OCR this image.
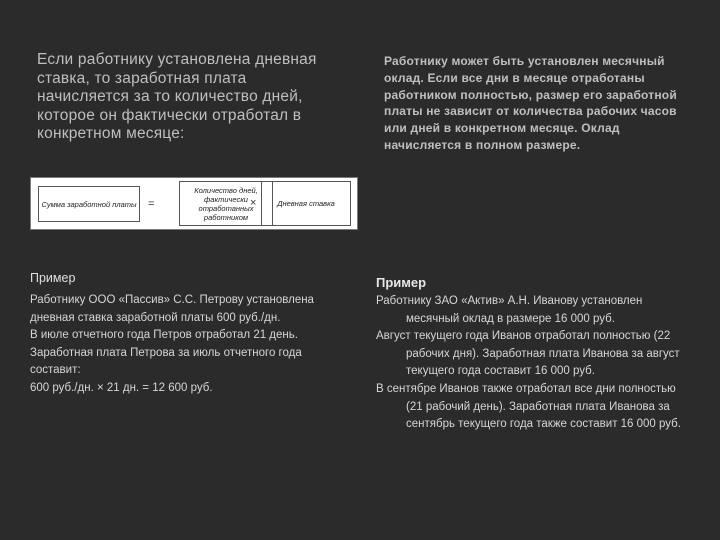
Если работнику установлена дневная ставка, то заработная плата начисляется за то количество дней, которое он фактически отработал в конкретном месяце:
Работнику может быть установлен месячный оклад. Если все дни в месяце отработаны работником полностью, размер его заработной платы не зависит от количества рабочих часов или дней в конкретном месяце. Оклад начисляется в полном размере.
Сумма заработной платы	=
Количество дней, фактически отработанных работником
×	Дневная ставка
Пример
Работнику ООО «Пассив» С.С. Петрову установлена
дневная ставка заработной платы 600 руб./дн.
В июле отчетного года Петров отработал 21 день.
Заработная плата Петрова за июль отчетного года
составит:
600 руб./дн. × 21 дн. = 12 600 руб.
Пример

Работнику ЗАО «Актив» А.Н. Иванову установлен месячный оклад в размере 16 000 руб.

Август текущего года Иванов отработал полностью (22 рабочих дня). Заработная плата Иванова за август текущего года составит 16 000 руб.

В сентябре Иванов также отработал все дни полностью (21 рабочий день). Заработная плата Иванова за сентябрь текущего года также составит 16 000 руб.
